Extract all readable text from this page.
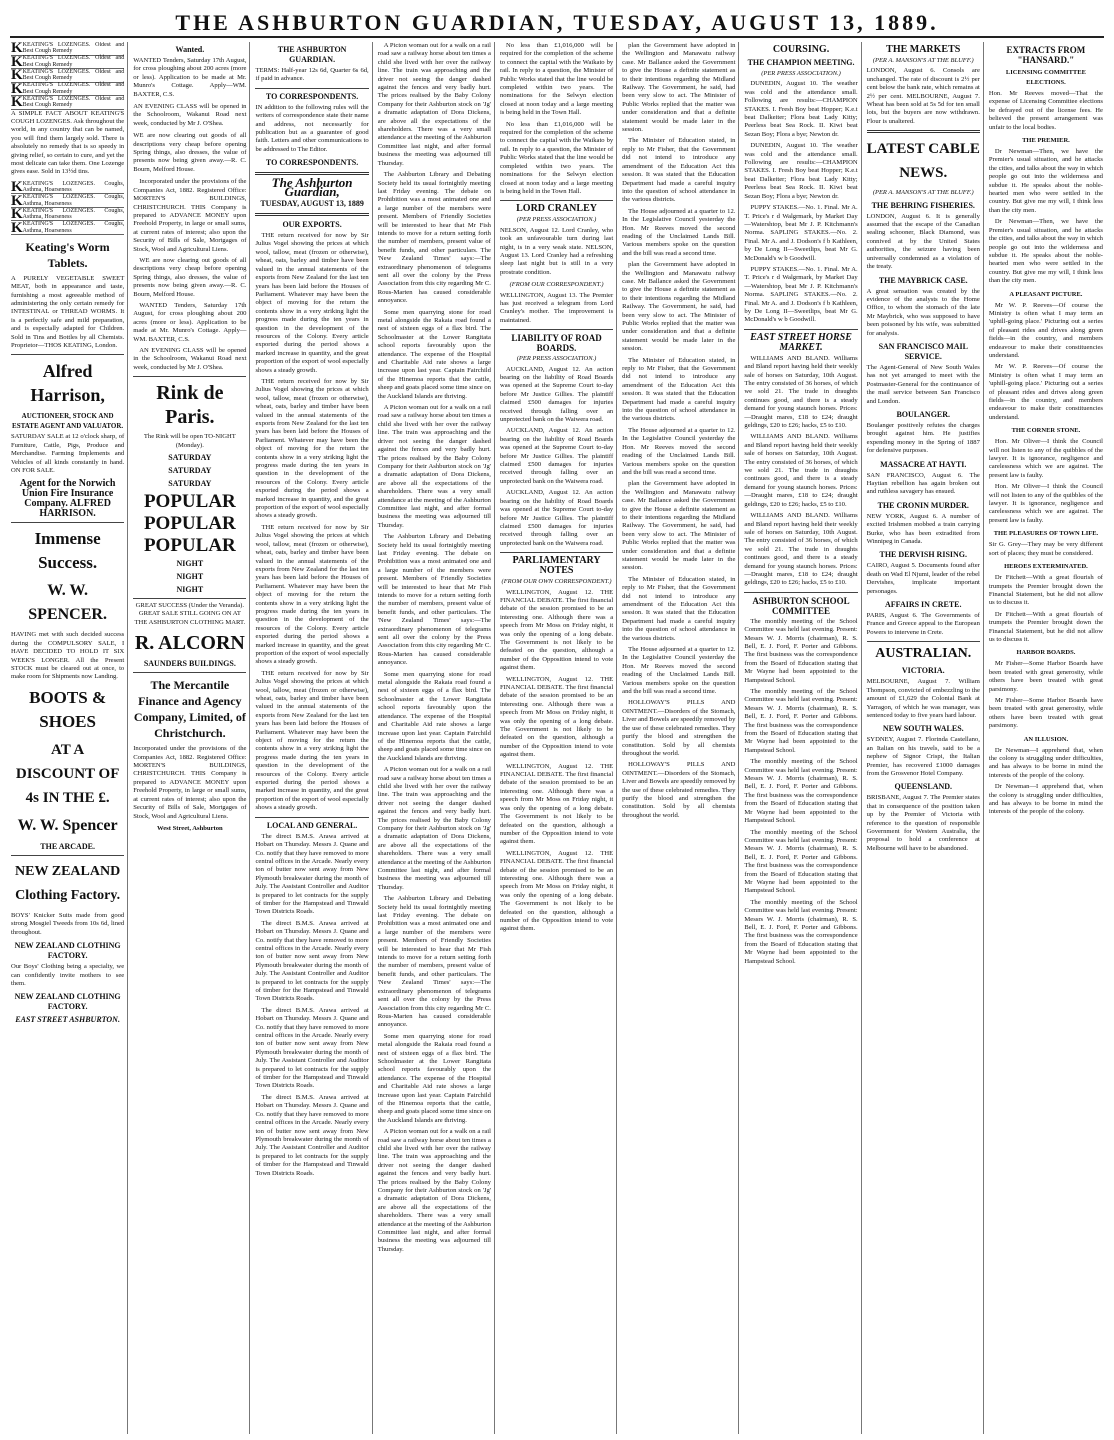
THE ASHBURTON GUARDIAN, TUESDAY, AUGUST 13, 1889.
K KEATING'S LOZENGES. Oldest and Best Cough Remedy
K KEATING'S LOZENGES. Oldest and Best Cough Remedy
K KEATING'S LOZENGES. Oldest and Best Cough Remedy
K KEATING'S LOZENGES. Oldest and Best Cough Remedy
K KEATING'S LOZENGES. Oldest and Best Cough Remedy
A SIMPLE FACT ABOUT KEATING'S COUGH LOZENGES. Ask throughout the world, in any country that can be named, you will find them largely sold. There is absolutely no remedy that is so speedy in giving relief, so certain to cure, and yet the most delicate can take them. One Lozenge gives ease. Sold in 13½d tins.
K KEATING'S LOZENGES. Coughs, Asthma, Hoarseness
K KEATING'S LOZENGES. Coughs, Asthma, Hoarseness
K KEATING'S LOZENGES. Coughs, Asthma, Hoarseness
K KEATING'S LOZENGES. Coughs, Asthma, Hoarseness
Keating's Worm Tablets.
A PURELY VEGETABLE SWEET MEAT, both in appearance and taste, furnishing a most agreeable method of administering the only certain remedy for INTESTINAL or THREAD WORMS. It is a perfectly safe and mild preparation, and is especially adapted for Children. Sold in Tins and Bottles by all Chemists. Proprietor—THOS KEATING, London.
Alfred Harrison,
AUCTIONEER, STOCK AND ESTATE AGENT AND VALUATOR.
SATURDAY SALE at 12 o'clock sharp, of Furniture, Cattle, Pigs, Produce and Merchandise. Farming Implements and Vehicles of all kinds constantly in hand. ON FOR SALE.
Agent for the Norwich Union Fire Insurance Company. ALFRED HARRISON.
Immense Success.
W. W. SPENCER.
HAVING met with such decided success during the COMPULSORY SALE, I HAVE DECIDED TO HOLD IT SIX WEEK'S LONGER. All the Present STOCK must be cleared out at once, to make room for Shipments now Landing.
BOOTS & SHOES
AT A DISCOUNT OF 4s IN THE £.
W. W. Spencer
THE ARCADE.
NEW ZEALAND Clothing Factory.
BOYS' Knicker Suits made from good strong Mosgiel Tweeds from 10s 6d, lined throughout.
NEW ZEALAND CLOTHING FACTORY.
Our Boys' Clothing being a specialty, we can confidently invite mothers to see them.
NEW ZEALAND CLOTHING FACTORY.
EAST STREET ASHBURTON.
Wanted.
WANTED Tenders, Saturday 17th August, for cross ploughing about 200 acres (more or less). Application to be made at Mr. Munro's Cottage. Apply—WM. BAXTER, C.S.
AN EVENING CLASS will be opened in the Schoolroom, Wakanui Road next week, conducted by Mr J. O'Shea.
WE are now clearing out goods of all descriptions very cheap before opening Spring things, also dresses, the value of presents now being given away.—R. C. Bourn, Melford House.

Incorporated under the provisions of the Companies Act, 1882. Registered Office: MORTEN'S BUILDINGS, CHRISTCHURCH. THIS Company is prepared to ADVANCE MONEY upon Freehold Property, in large or small sums, at current rates of interest; also upon the Security of Bills of Sale, Mortgages of Stock, Wool and Agricultural Liens.

WE are now clearing out goods of all descriptions very cheap before opening Spring things, also dresses, the value of presents now being given away.—R. C. Bourn, Melford House.

WANTED Tenders, Saturday 17th August, for cross ploughing about 200 acres (more or less). Application to be made at Mr. Munro's Cottage. Apply—WM. BAXTER, C.S.

AN EVENING CLASS will be opened in the Schoolroom, Wakanui Road next week, conducted by Mr J. O'Shea.

Rink de Paris.
The Rink will be open TO-NIGHT (Monday).
SATURDAY
SATURDAY
SATURDAY
POPULAR
POPULAR
POPULAR
NIGHT
NIGHT
NIGHT
GREAT SUCCESS (Under the Veranda). GREAT SALE STILL GOING ON AT THE ASHBURTON CLOTHING MART.
R. ALCORN
SAUNDERS BUILDINGS.
The Mercantile Finance and Agency Company, Limited, of Christchurch.
Incorporated under the provisions of the Companies Act, 1882. Registered Office: MORTEN'S BUILDINGS, CHRISTCHURCH. THIS Company is prepared to ADVANCE MONEY upon Freehold Property, in large or small sums, at current rates of interest; also upon the Security of Bills of Sale, Mortgages of Stock, Wool and Agricultural Liens.
West Street, Ashburton
THE ASHBURTON GUARDIAN.
TERMS: Half-year 12s 6d, Quarter 6s 6d, if paid in advance.
TO CORRESPONDENTS.
IN addition to the following rules will the writers of correspondence state their name and address, not necessarily for publication but as a guarantee of good faith. Letters and other communications to be addressed to The Editor.
TO CORRESPONDENTS.
The Ashburton Guardian,
TUESDAY, AUGUST 13, 1889
OUR EXPORTS.

THE return received for now by Sir Julius Vogel showing the prices at which wool, tallow, meat (frozen or otherwise), wheat, oats, barley and timber have been valued in the annual statements of the exports from New Zealand for the last ten years has been laid before the Houses of Parliament. Whatever may have been the object of moving for the return the contents show in a very striking light the progress made during the ten years in question in the development of the resources of the Colony. Every article exported during the period shows a marked increase in quantity, and the great proportion of the export of wool especially shows a steady growth.

THE return received for now by Sir Julius Vogel showing the prices at which wool, tallow, meat (frozen or otherwise), wheat, oats, barley and timber have been valued in the annual statements of the exports from New Zealand for the last ten years has been laid before the Houses of Parliament. Whatever may have been the object of moving for the return the contents show in a very striking light the progress made during the ten years in question in the development of the resources of the Colony. Every article exported during the period shows a marked increase in quantity, and the great proportion of the export of wool especially shows a steady growth.

THE return received for now by Sir Julius Vogel showing the prices at which wool, tallow, meat (frozen or otherwise), wheat, oats, barley and timber have been valued in the annual statements of the exports from New Zealand for the last ten years has been laid before the Houses of Parliament. Whatever may have been the object of moving for the return the contents show in a very striking light the progress made during the ten years in question in the development of the resources of the Colony. Every article exported during the period shows a marked increase in quantity, and the great proportion of the export of wool especially shows a steady growth.

THE return received for now by Sir Julius Vogel showing the prices at which wool, tallow, meat (frozen or otherwise), wheat, oats, barley and timber have been valued in the annual statements of the exports from New Zealand for the last ten years has been laid before the Houses of Parliament. Whatever may have been the object of moving for the return the contents show in a very striking light the progress made during the ten years in question in the development of the resources of the Colony. Every article exported during the period shows a marked increase in quantity, and the great proportion of the export of wool especially shows a steady growth.

LOCAL AND GENERAL.

The direct B.M.S. Arawa arrived at Hobart on Thursday. Messrs J. Quane and Co. notify that they have removed to more central offices in the Arcade. Nearly every ton of butter now sent away from New Plymouth breakwater during the month of July. The Assistant Controller and Auditor is prepared to let contracts for the supply of timber for the Hampstead and Tinwald Town Districts Roads.

The direct B.M.S. Arawa arrived at Hobart on Thursday. Messrs J. Quane and Co. notify that they have removed to more central offices in the Arcade. Nearly every ton of butter now sent away from New Plymouth breakwater during the month of July. The Assistant Controller and Auditor is prepared to let contracts for the supply of timber for the Hampstead and Tinwald Town Districts Roads.

The direct B.M.S. Arawa arrived at Hobart on Thursday. Messrs J. Quane and Co. notify that they have removed to more central offices in the Arcade. Nearly every ton of butter now sent away from New Plymouth breakwater during the month of July. The Assistant Controller and Auditor is prepared to let contracts for the supply of timber for the Hampstead and Tinwald Town Districts Roads.

The direct B.M.S. Arawa arrived at Hobart on Thursday. Messrs J. Quane and Co. notify that they have removed to more central offices in the Arcade. Nearly every ton of butter now sent away from New Plymouth breakwater during the month of July. The Assistant Controller and Auditor is prepared to let contracts for the supply of timber for the Hampstead and Tinwald Town Districts Roads.

A Picton woman out for a walk on a rail road saw a railway horse about ten times a child she lived with her over the railway line. The train was approaching and the driver not seeing the danger dashed against the fences and very badly hurt. The prices realised by the Baby Colony Company for their Ashburton stock on 'Jg' a dramatic adaptation of Dora Dickens, are above all the expectations of the shareholders. There was a very small attendance at the meeting of the Ashburton Committee last night, and after formal business the meeting was adjourned till Thursday.

The Ashburton Library and Debating Society held its usual fortnightly meeting last Friday evening. The debate on Prohibition was a most animated one and a large number of the members were present. Members of Friendly Societies will be interested to hear that Mr Fish intends to move for a return setting forth the number of members, present value of benefit funds, and other particulars. The 'New Zealand Times' says:—The extraordinary phenomenon of telegrams sent all over the colony by the Press Association from this city regarding Mr C. Rous-Marten has caused considerable annoyance.

Some men quarrying stone for road metal alongside the Rakaia road found a nest of sixteen eggs of a flax bird. The Schoolmaster at the Lower Rangitata school reports favourably upon the attendance. The expense of the Hospital and Charitable Aid rate shows a large increase upon last year. Captain Fairchild of the Hinemoa reports that the cattle, sheep and goats placed some time since on the Auckland Islands are thriving.

A Picton woman out for a walk on a rail road saw a railway horse about ten times a child she lived with her over the railway line. The train was approaching and the driver not seeing the danger dashed against the fences and very badly hurt. The prices realised by the Baby Colony Company for their Ashburton stock on 'Jg' a dramatic adaptation of Dora Dickens, are above all the expectations of the shareholders. There was a very small attendance at the meeting of the Ashburton Committee last night, and after formal business the meeting was adjourned till Thursday.

The Ashburton Library and Debating Society held its usual fortnightly meeting last Friday evening. The debate on Prohibition was a most animated one and a large number of the members were present. Members of Friendly Societies will be interested to hear that Mr Fish intends to move for a return setting forth the number of members, present value of benefit funds, and other particulars. The 'New Zealand Times' says:—The extraordinary phenomenon of telegrams sent all over the colony by the Press Association from this city regarding Mr C. Rous-Marten has caused considerable annoyance.

Some men quarrying stone for road metal alongside the Rakaia road found a nest of sixteen eggs of a flax bird. The Schoolmaster at the Lower Rangitata school reports favourably upon the attendance. The expense of the Hospital and Charitable Aid rate shows a large increase upon last year. Captain Fairchild of the Hinemoa reports that the cattle, sheep and goats placed some time since on the Auckland Islands are thriving.

A Picton woman out for a walk on a rail road saw a railway horse about ten times a child she lived with her over the railway line. The train was approaching and the driver not seeing the danger dashed against the fences and very badly hurt. The prices realised by the Baby Colony Company for their Ashburton stock on 'Jg' a dramatic adaptation of Dora Dickens, are above all the expectations of the shareholders. There was a very small attendance at the meeting of the Ashburton Committee last night, and after formal business the meeting was adjourned till Thursday.

The Ashburton Library and Debating Society held its usual fortnightly meeting last Friday evening. The debate on Prohibition was a most animated one and a large number of the members were present. Members of Friendly Societies will be interested to hear that Mr Fish intends to move for a return setting forth the number of members, present value of benefit funds, and other particulars. The 'New Zealand Times' says:—The extraordinary phenomenon of telegrams sent all over the colony by the Press Association from this city regarding Mr C. Rous-Marten has caused considerable annoyance.

Some men quarrying stone for road metal alongside the Rakaia road found a nest of sixteen eggs of a flax bird. The Schoolmaster at the Lower Rangitata school reports favourably upon the attendance. The expense of the Hospital and Charitable Aid rate shows a large increase upon last year. Captain Fairchild of the Hinemoa reports that the cattle, sheep and goats placed some time since on the Auckland Islands are thriving.

A Picton woman out for a walk on a rail road saw a railway horse about ten times a child she lived with her over the railway line. The train was approaching and the driver not seeing the danger dashed against the fences and very badly hurt. The prices realised by the Baby Colony Company for their Ashburton stock on 'Jg' a dramatic adaptation of Dora Dickens, are above all the expectations of the shareholders. There was a very small attendance at the meeting of the Ashburton Committee last night, and after formal business the meeting was adjourned till Thursday.

No less than £1,016,000 will be required for the completion of the scheme to connect the capital with the Waikato by rail. In reply to a question, the Minister of Public Works stated that the line would be completed within two years. The nominations for the Selwyn election closed at noon today and a large meeting is being held in the Town Hall.

No less than £1,016,000 will be required for the completion of the scheme to connect the capital with the Waikato by rail. In reply to a question, the Minister of Public Works stated that the line would be completed within two years. The nominations for the Selwyn election closed at noon today and a large meeting is being held in the Town Hall.

LORD CRANLEY
(PER PRESS ASSOCIATION.)
NELSON, August 12. Lord Cranley, who took an unfavourable turn during last night, is in a very weak state. NELSON, August 13. Lord Cranley had a refreshing sleep last night but is still in a very prostrate condition.
(FROM OUR CORRESPONDENT.)
WELLINGTON, August 13. The Premier has just received a telegram from Lord Cranley's mother. The improvement is maintained.
LIABILITY OF ROAD BOARDS.
(PER PRESS ASSOCIATION.)

AUCKLAND, August 12. An action bearing on the liability of Road Boards was opened at the Supreme Court to-day before Mr Justice Gillies. The plaintiff claimed £500 damages for injuries received through falling over an unprotected bank on the Waiwera road.

AUCKLAND, August 12. An action bearing on the liability of Road Boards was opened at the Supreme Court to-day before Mr Justice Gillies. The plaintiff claimed £500 damages for injuries received through falling over an unprotected bank on the Waiwera road.

AUCKLAND, August 12. An action bearing on the liability of Road Boards was opened at the Supreme Court to-day before Mr Justice Gillies. The plaintiff claimed £500 damages for injuries received through falling over an unprotected bank on the Waiwera road.

PARLIAMENTARY NOTES
(FROM OUR OWN CORRESPONDENT.)

WELLINGTON, August 12. THE FINANCIAL DEBATE. The first financial debate of the session promised to be an interesting one. Although there was a speech from Mr Moss on Friday night, it was only the opening of a long debate. The Government is not likely to be defeated on the question, although a number of the Opposition intend to vote against them.

WELLINGTON, August 12. THE FINANCIAL DEBATE. The first financial debate of the session promised to be an interesting one. Although there was a speech from Mr Moss on Friday night, it was only the opening of a long debate. The Government is not likely to be defeated on the question, although a number of the Opposition intend to vote against them.

WELLINGTON, August 12. THE FINANCIAL DEBATE. The first financial debate of the session promised to be an interesting one. Although there was a speech from Mr Moss on Friday night, it was only the opening of a long debate. The Government is not likely to be defeated on the question, although a number of the Opposition intend to vote against them.

WELLINGTON, August 12. THE FINANCIAL DEBATE. The first financial debate of the session promised to be an interesting one. Although there was a speech from Mr Moss on Friday night, it was only the opening of a long debate. The Government is not likely to be defeated on the question, although a number of the Opposition intend to vote against them.

plan the Government have adopted in the Wellington and Manawatu railway case. Mr Ballance asked the Government to give the House a definite statement as to their intentions regarding the Midland Railway. The Government, he said, had been very slow to act. The Minister of Public Works replied that the matter was under consideration and that a definite statement would be made later in the session.

The Minister of Education stated, in reply to Mr Fisher, that the Government did not intend to introduce any amendment of the Education Act this session. It was stated that the Education Department had made a careful inquiry into the question of school attendance in the various districts.

The House adjourned at a quarter to 12. In the Legislative Council yesterday the Hon. Mr Reeves moved the second reading of the Unclaimed Lands Bill. Various members spoke on the question and the bill was read a second time.

plan the Government have adopted in the Wellington and Manawatu railway case. Mr Ballance asked the Government to give the House a definite statement as to their intentions regarding the Midland Railway. The Government, he said, had been very slow to act. The Minister of Public Works replied that the matter was under consideration and that a definite statement would be made later in the session.

The Minister of Education stated, in reply to Mr Fisher, that the Government did not intend to introduce any amendment of the Education Act this session. It was stated that the Education Department had made a careful inquiry into the question of school attendance in the various districts.

The House adjourned at a quarter to 12. In the Legislative Council yesterday the Hon. Mr Reeves moved the second reading of the Unclaimed Lands Bill. Various members spoke on the question and the bill was read a second time.

plan the Government have adopted in the Wellington and Manawatu railway case. Mr Ballance asked the Government to give the House a definite statement as to their intentions regarding the Midland Railway. The Government, he said, had been very slow to act. The Minister of Public Works replied that the matter was under consideration and that a definite statement would be made later in the session.

The Minister of Education stated, in reply to Mr Fisher, that the Government did not intend to introduce any amendment of the Education Act this session. It was stated that the Education Department had made a careful inquiry into the question of school attendance in the various districts.

The House adjourned at a quarter to 12. In the Legislative Council yesterday the Hon. Mr Reeves moved the second reading of the Unclaimed Lands Bill. Various members spoke on the question and the bill was read a second time.

HOLLOWAY'S PILLS AND OINTMENT.—Disorders of the Stomach, Liver and Bowels are speedily removed by the use of these celebrated remedies. They purify the blood and strengthen the constitution. Sold by all chemists throughout the world.

HOLLOWAY'S PILLS AND OINTMENT.—Disorders of the Stomach, Liver and Bowels are speedily removed by the use of these celebrated remedies. They purify the blood and strengthen the constitution. Sold by all chemists throughout the world.

COURSING.
THE CHAMPION MEETING.
(PER PRESS ASSOCIATION.)

DUNEDIN, August 10. The weather was cold and the attendance small. Following are results:—CHAMPION STAKES. I. Fresh Boy beat Hopper; K.e.t beat Dalkeiter; Flora beat Lady Kitty; Peerless beat Sea Rock. II. Kiwi beat Sezan Boy; Flora a bye; Newton dr.

DUNEDIN, August 10. The weather was cold and the attendance small. Following are results:—CHAMPION STAKES. I. Fresh Boy beat Hopper; K.e.t beat Dalkeiter; Flora beat Lady Kitty; Peerless beat Sea Rock. II. Kiwi beat Sezan Boy; Flora a bye; Newton dr.

PUPPY STAKES.—No. 1. Final. Mr A. T. Price's r d Walgrmark, by Market Day—Watershtop, beat Mr J. P. Kitchmann's Norma. SAPLING STAKES.—No. 2. Final. Mr A. and J. Dodson's f b Kathleen, by De Long II—Sweetlips, beat Mr G. McDonald's w b Goodwill.

PUPPY STAKES.—No. 1. Final. Mr A. T. Price's r d Walgrmark, by Market Day—Watershtop, beat Mr J. P. Kitchmann's Norma. SAPLING STAKES.—No. 2. Final. Mr A. and J. Dodson's f b Kathleen, by De Long II—Sweetlips, beat Mr G. McDonald's w b Goodwill.

EAST STREET HORSE MARKET.

WILLIAMS AND BLAND. Williams and Bland report having held their weekly sale of horses on Saturday, 10th August. The entry consisted of 36 horses, of which we sold 21. The trade in draughts continues good, and there is a steady demand for young staunch horses. Prices:—Draught mares, £18 to £24; draught geldings, £20 to £26; hacks, £5 to £10.

WILLIAMS AND BLAND. Williams and Bland report having held their weekly sale of horses on Saturday, 10th August. The entry consisted of 36 horses, of which we sold 21. The trade in draughts continues good, and there is a steady demand for young staunch horses. Prices:—Draught mares, £18 to £24; draught geldings, £20 to £26; hacks, £5 to £10.

WILLIAMS AND BLAND. Williams and Bland report having held their weekly sale of horses on Saturday, 10th August. The entry consisted of 36 horses, of which we sold 21. The trade in draughts continues good, and there is a steady demand for young staunch horses. Prices:—Draught mares, £18 to £24; draught geldings, £20 to £26; hacks, £5 to £10.

ASHBURTON SCHOOL COMMITTEE

The monthly meeting of the School Committee was held last evening. Present: Messrs W. J. Morris (chairman), R. S. Bell, E. J. Ford, F. Porter and Gibbons. The first business was the correspondence from the Board of Education stating that Mr Wayne had been appointed to the Hampstead School.

The monthly meeting of the School Committee was held last evening. Present: Messrs W. J. Morris (chairman), R. S. Bell, E. J. Ford, F. Porter and Gibbons. The first business was the correspondence from the Board of Education stating that Mr Wayne had been appointed to the Hampstead School.

The monthly meeting of the School Committee was held last evening. Present: Messrs W. J. Morris (chairman), R. S. Bell, E. J. Ford, F. Porter and Gibbons. The first business was the correspondence from the Board of Education stating that Mr Wayne had been appointed to the Hampstead School.

The monthly meeting of the School Committee was held last evening. Present: Messrs W. J. Morris (chairman), R. S. Bell, E. J. Ford, F. Porter and Gibbons. The first business was the correspondence from the Board of Education stating that Mr Wayne had been appointed to the Hampstead School.

The monthly meeting of the School Committee was held last evening. Present: Messrs W. J. Morris (chairman), R. S. Bell, E. J. Ford, F. Porter and Gibbons. The first business was the correspondence from the Board of Education stating that Mr Wayne had been appointed to the Hampstead School.

THE MARKETS
(PER A. MANSON'S AT THE BLUFF.)
LONDON, August 6. Consols are unchanged. The rate of discount is 2½ per cent below the bank rate, which remains at 2½ per cent. MELBOURNE, August 7. Wheat has been sold at 5s 5d for ten small lots, but the buyers are now withdrawn. Flour is unaltered.
LATEST CABLE NEWS.
(PER A. MANSON'S AT THE BLUFF.)
THE BEHRING FISHERIES.
LONDON, August 6. It is generally assumed that the escape of the Canadian sealing schooner, Black Diamond, was connived at by the United States authorities, the seizure having been universally condemned as a violation of the treaty.
THE MAYBRICK CASE.
A great sensation was created by the evidence of the analysts to the Home Office, to whom the stomach of the late Mr Maybrick, who was supposed to have been poisoned by his wife, was submitted for analysis.
SAN FRANCISCO MAIL SERVICE.
The Agent-General of New South Wales has not yet arranged to meet with the Postmaster-General for the continuance of the mail service between San Francisco and London.
BOULANGER.
Boulanger positively refutes the charges brought against him. He justifies expending money in the Spring of 1887 for defensive purposes.
MASSACRE AT HAYTI.
SAN FRANCISCO, August 6. The Haytian rebellion has again broken out and ruthless savagery has ensued.
THE CRONIN MURDER.
NEW YORK, August 6. A number of excited Irishmen mobbed a train carrying Burke, who has been extradited from Winnipeg in Canada.
THE DERVISH RISING.
CAIRO, August 5. Documents found after death on Wad El Njumi, leader of the rebel Dervishes, implicate important personages.
AFFAIRS IN CRETE.
PARIS, August 6. The Governments of France and Greece appeal to the European Powers to intervene in Crete.
AUSTRALIAN.
VICTORIA.
MELBOURNE, August 7. William Thompson, convicted of embezzling to the amount of £1,629 the Colonial Bank at Yarragon, of which he was manager, was sentenced today to five years hard labour.
NEW SOUTH WALES.
SYDNEY, August 7. Florinda Castellano, an Italian on his travels, said to be a nephew of Signor Crispi, the Italian Premier, has recovered £1000 damages from the Grosvenor Hotel Company.
QUEENSLAND.
BRISBANE, August 7. The Premier states that in consequence of the position taken up by the Premier of Victoria with reference to the question of responsible Government for Western Australia, the proposal to hold a conference at Melbourne will have to be abandoned.
EXTRACTS FROM "HANSARD."
LICENSING COMMITTEE ELECTIONS.
Hon. Mr Reeves moved—That the expense of Licensing Committee elections be defrayed out of the license fees. He believed the present arrangement was unfair to the local bodies.
THE PREMIER.

Dr Newman—Then, we have the Premier's usual situation, and he attacks the cities, and talks about the way in which people go out into the wilderness and subdue it. He speaks about the noble-hearted men who were settled in the country. But give me my will, I think less than the city men.

Dr Newman—Then, we have the Premier's usual situation, and he attacks the cities, and talks about the way in which people go out into the wilderness and subdue it. He speaks about the noble-hearted men who were settled in the country. But give me my will, I think less than the city men.

A PLEASANT PICTURE.

Mr W. P. Reeves—Of course the Ministry is often what I may term an 'uphill-going place.' Picturing out a series of pleasant rides and drives along green fields—in the country, and members endeavour to make their constituencies understand.

Mr W. P. Reeves—Of course the Ministry is often what I may term an 'uphill-going place.' Picturing out a series of pleasant rides and drives along green fields—in the country, and members endeavour to make their constituencies understand.

THE CORNER STONE.

Hon. Mr Oliver—I think the Council will not listen to any of the quibbles of the lawyer. It is ignorance, negligence and carelessness which we are against. The present law is faulty.

Hon. Mr Oliver—I think the Council will not listen to any of the quibbles of the lawyer. It is ignorance, negligence and carelessness which we are against. The present law is faulty.

THE PLEASURES OF TOWN LIFE.
Sir G. Grey—They may be very different sort of places; they must be considered.
HEROES EXTERMINATED.

Dr Fitchett—With a great flourish of trumpets the Premier brought down the Financial Statement, but he did not allow us to discuss it.

Dr Fitchett—With a great flourish of trumpets the Premier brought down the Financial Statement, but he did not allow us to discuss it.

HARBOR BOARDS.

Mr Fisher—Some Harbor Boards have been treated with great generosity, while others have been treated with great parsimony.

Mr Fisher—Some Harbor Boards have been treated with great generosity, while others have been treated with great parsimony.

AN ILLUSION.

Dr Newman—I apprehend that, when the colony is struggling under difficulties, and has always to be borne in mind the interests of the people of the colony.

Dr Newman—I apprehend that, when the colony is struggling under difficulties, and has always to be borne in mind the interests of the people of the colony.
